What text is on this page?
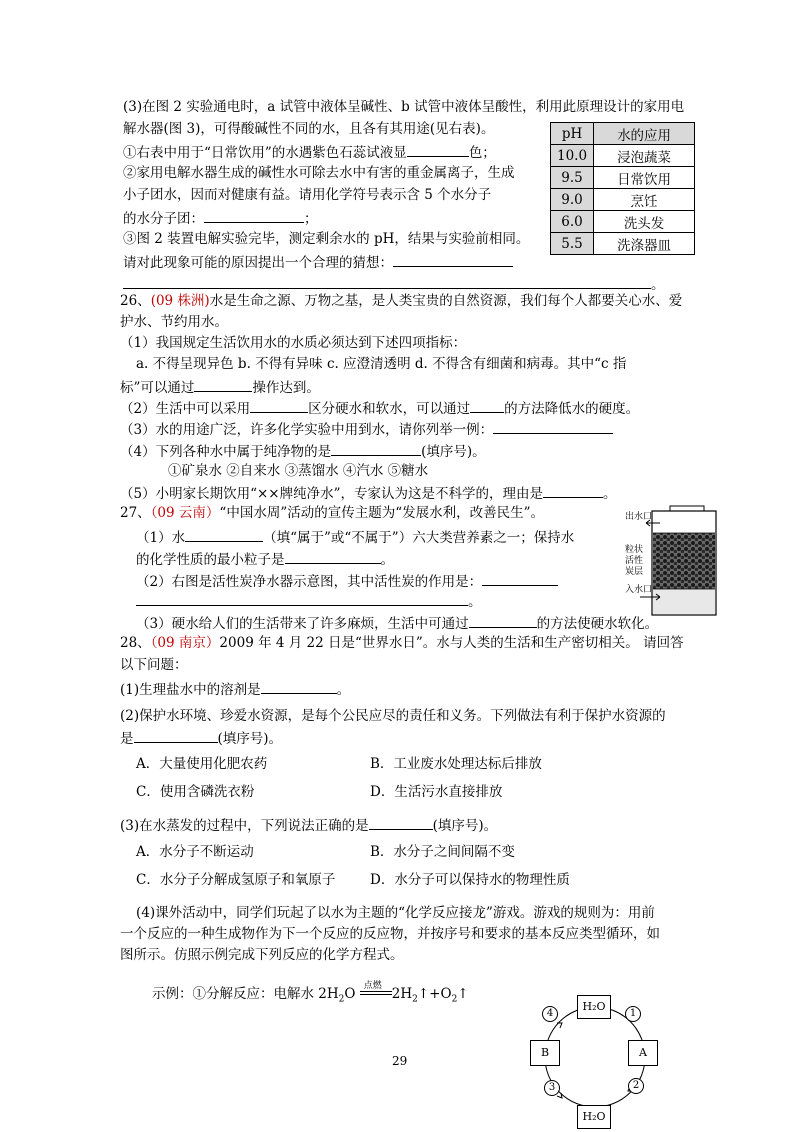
(3)在图 2 实验通电时，a 试管中液体呈碱性、b 试管中液体呈酸性，利用此原理设计的家用电
解水器(图 3)，可得酸碱性不同的水，且各有其用途(见右表)。
①右表中用于“日常饮用”的水遇紫色石蕊试液显	色；
②家用电解水器生成的碱性水可除去水中有害的重金属离子，生成
小子团水，因而对健康有益。请用化学符号表示含 5 个水分子
的水分子团：	；
③图 2 装置电解实验完毕，测定剩余水的 pH，结果与实验前相同。
请对此现象可能的原因提出一个合理的猜想：
。
pH	水的应用
10.0	浸泡蔬菜
9.5	日常饮用
9.0	烹饪
6.0	洗头发
5.5	洗涤器皿
26、(09 株洲)水是生命之源、万物之基，是人类宝贵的自然资源，我们每个人都要关心水、爱
护水、节约用水。
（1）我国规定生活饮用水的水质必须达到下述四项指标：
a. 不得呈现异色 b. 不得有异味 c. 应澄清透明 d. 不得含有细菌和病毒。其中“c 指
标”可以通过	操作达到。
（2）生活中可以采用	区分硬水和软水，可以通过	的方法降低水的硬度。
（3）水的用途广泛，许多化学实验中用到水，请你列举一例：
（4）下列各种水中属于纯净物的是	(填序号)。
①矿泉水 ②自来水 ③蒸馏水 ④汽水 ⑤糖水
（5）小明家长期饮用“××牌纯净水”，专家认为这是不科学的，理由是	。
27、（09 云南）“中国水周”活动的宣传主题为“发展水利，改善民生”。
（1）水	（填“属于”或“不属于”）六大类营养素之一；保持水
的化学性质的最小粒子是	。
（2）右图是活性炭净水器示意图，其中活性炭的作用是：
。
（3）硬水给人们的生活带来了许多麻烦，生活中可通过	的方法使硬水软化。
出水口
粒状活性炭层
入水口
28、（09 南京）2009 年 4 月 22 日是“世界水日”。水与人类的生活和生产密切相关。 请回答
以下问题：
(1)生理盐水中的溶剂是	。
(2)保护水环境、珍爱水资源，是每个公民应尽的责任和义务。下列做法有利于保护水资源的
是	(填序号)。
A．大量使用化肥农药	B．工业废水处理达标后排放
C．使用含磷洗衣粉	D．生活污水直接排放
(3)在水蒸发的过程中，下列说法正确的是	(填序号)。
A．水分子不断运动	B．水分子之间间隔不变
C．水分子分解成氢原子和氧原子	D．水分子可以保持水的物理性质
(4)课外活动中，同学们玩起了以水为主题的“化学反应接龙”游戏。游戏的规则为：用前
一个反应的一种生成物作为下一个反应的反应物，并按序号和要求的基本反应类型循环，如
图所示。仿照示例完成下列反应的化学方程式。
示例：①分解反应：电解水 $2H_2O$ 点燃 $2H_2↑+O_2↑$
H₂O
H₂O
B	A
1
2
3
4
29
